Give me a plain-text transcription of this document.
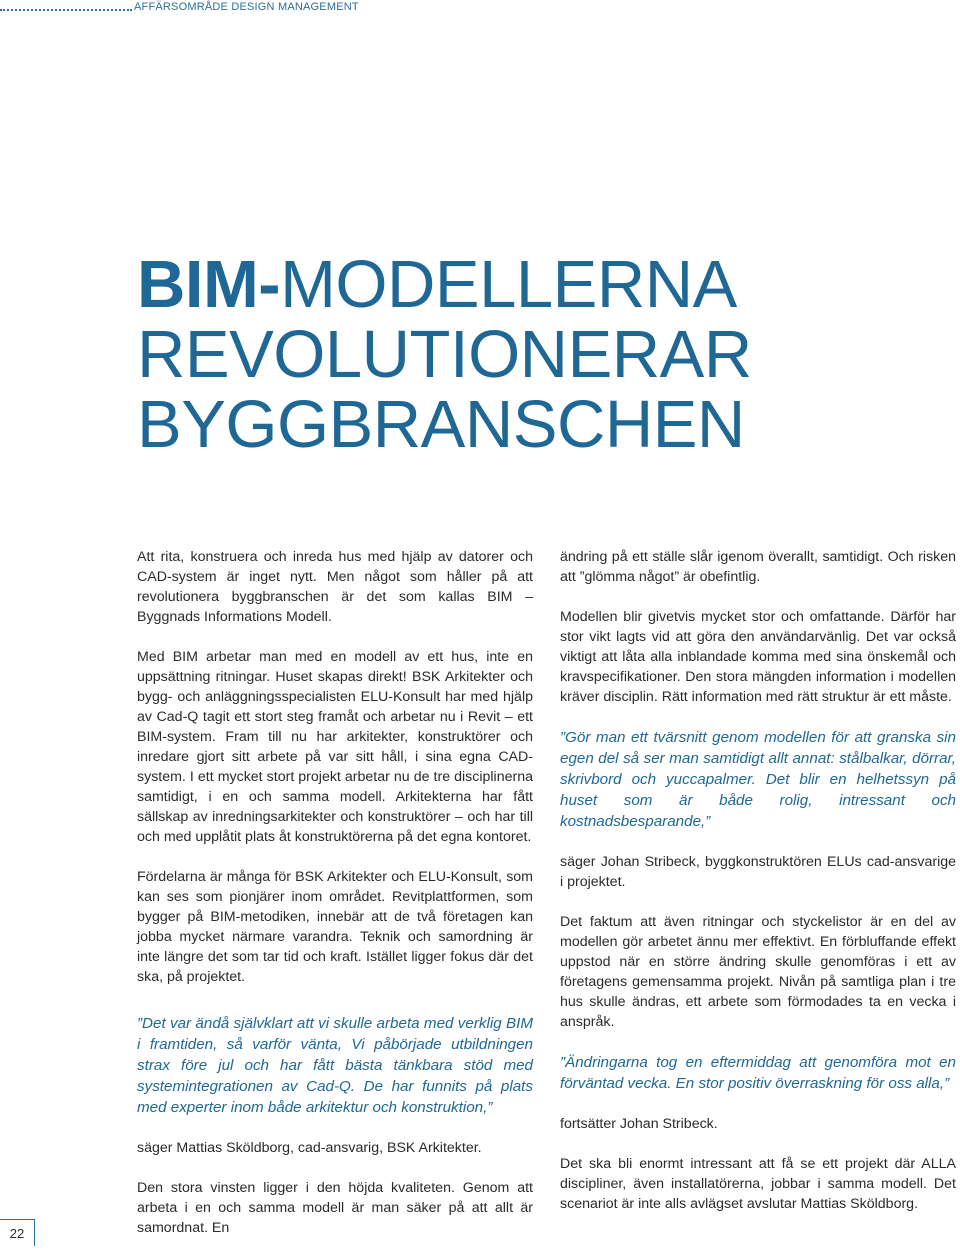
AFFÄRSOMRÅDE DESIGN MANAGEMENT
BIM-MODELLERNA
REVOLUTIONERAR
BYGGBRANSCHEN

Att rita, konstruera och inreda hus med hjälp av datorer och CAD-system är inget nytt. Men något som håller på att revolutionera byggbranschen är det som kallas BIM – Byggnads Informations Modell.

Med BIM arbetar man med en modell av ett hus, inte en uppsättning ritningar. Huset skapas direkt! BSK Arkitekter och bygg- och anläggningsspecialisten ELU-Konsult har med hjälp av Cad-Q tagit ett stort steg framåt och arbetar nu i Revit – ett BIM-system. Fram till nu har arkitekter, konstruktörer och inredare gjort sitt arbete på var sitt håll, i sina egna CAD-system. I ett mycket stort projekt arbetar nu de tre disciplinerna samtidigt, i en och samma modell. Arkitekterna har fått sällskap av inredningsarkitekter och konstruktörer – och har till och med upplåtit plats åt konstruktörerna på det egna kontoret.

Fördelarna är många för BSK Arkitekter och ELU-Konsult, som kan ses som pionjärer inom området. Revitplattformen, som bygger på BIM-metodiken, innebär att de två företagen kan jobba mycket närmare varandra. Teknik och samordning är inte längre det som tar tid och kraft. Istället ligger fokus där det ska, på projektet.

”Det var ändå självklart att vi skulle arbeta med verklig BIM i framtiden, så varför vänta, Vi påbörjade utbildningen strax före jul och har fått bästa tänkbara stöd med systemintegrationen av Cad-Q. De har funnits på plats med experter inom både arkitektur och konstruktion,”

säger Mattias Sköldborg, cad-ansvarig, BSK Arkitekter.

Den stora vinsten ligger i den höjda kvaliteten. Genom att arbeta i en och samma modell är man säker på att allt är samordnat. En

ändring på ett ställe slår igenom överallt, samtidigt. Och risken att ”glömma något” är obefintlig.

Modellen blir givetvis mycket stor och omfattande. Därför har stor vikt lagts vid att göra den användarvänlig. Det var också viktigt att låta alla inblandade komma med sina önskemål och kravspecifikationer. Den stora mängden information i modellen kräver disciplin. Rätt information med rätt struktur är ett måste.

”Gör man ett tvärsnitt genom modellen för att granska sin egen del så ser man samtidigt allt annat: stålbalkar, dörrar, skrivbord och yuccapalmer. Det blir en helhetssyn på huset som är både rolig, intressant och kostnadsbesparande,”

säger Johan Stribeck, byggkonstruktören ELUs cad-ansvarige i projektet.

Det faktum att även ritningar och styckelistor är en del av modellen gör arbetet ännu mer effektivt. En förbluffande effekt uppstod när en större ändring skulle genomföras i ett av företagens gemensamma projekt. Nivån på samtliga plan i tre hus skulle ändras, ett arbete som förmodades ta en vecka i anspråk.

”Ändringarna tog en eftermiddag att genomföra mot en förväntad vecka. En stor positiv överraskning för oss alla,”

fortsätter Johan Stribeck.

Det ska bli enormt intressant att få se ett projekt där ALLA discipliner, även installatörerna, jobbar i samma modell. Det scenariot är inte alls avlägset avslutar Mattias Sköldborg.

22
